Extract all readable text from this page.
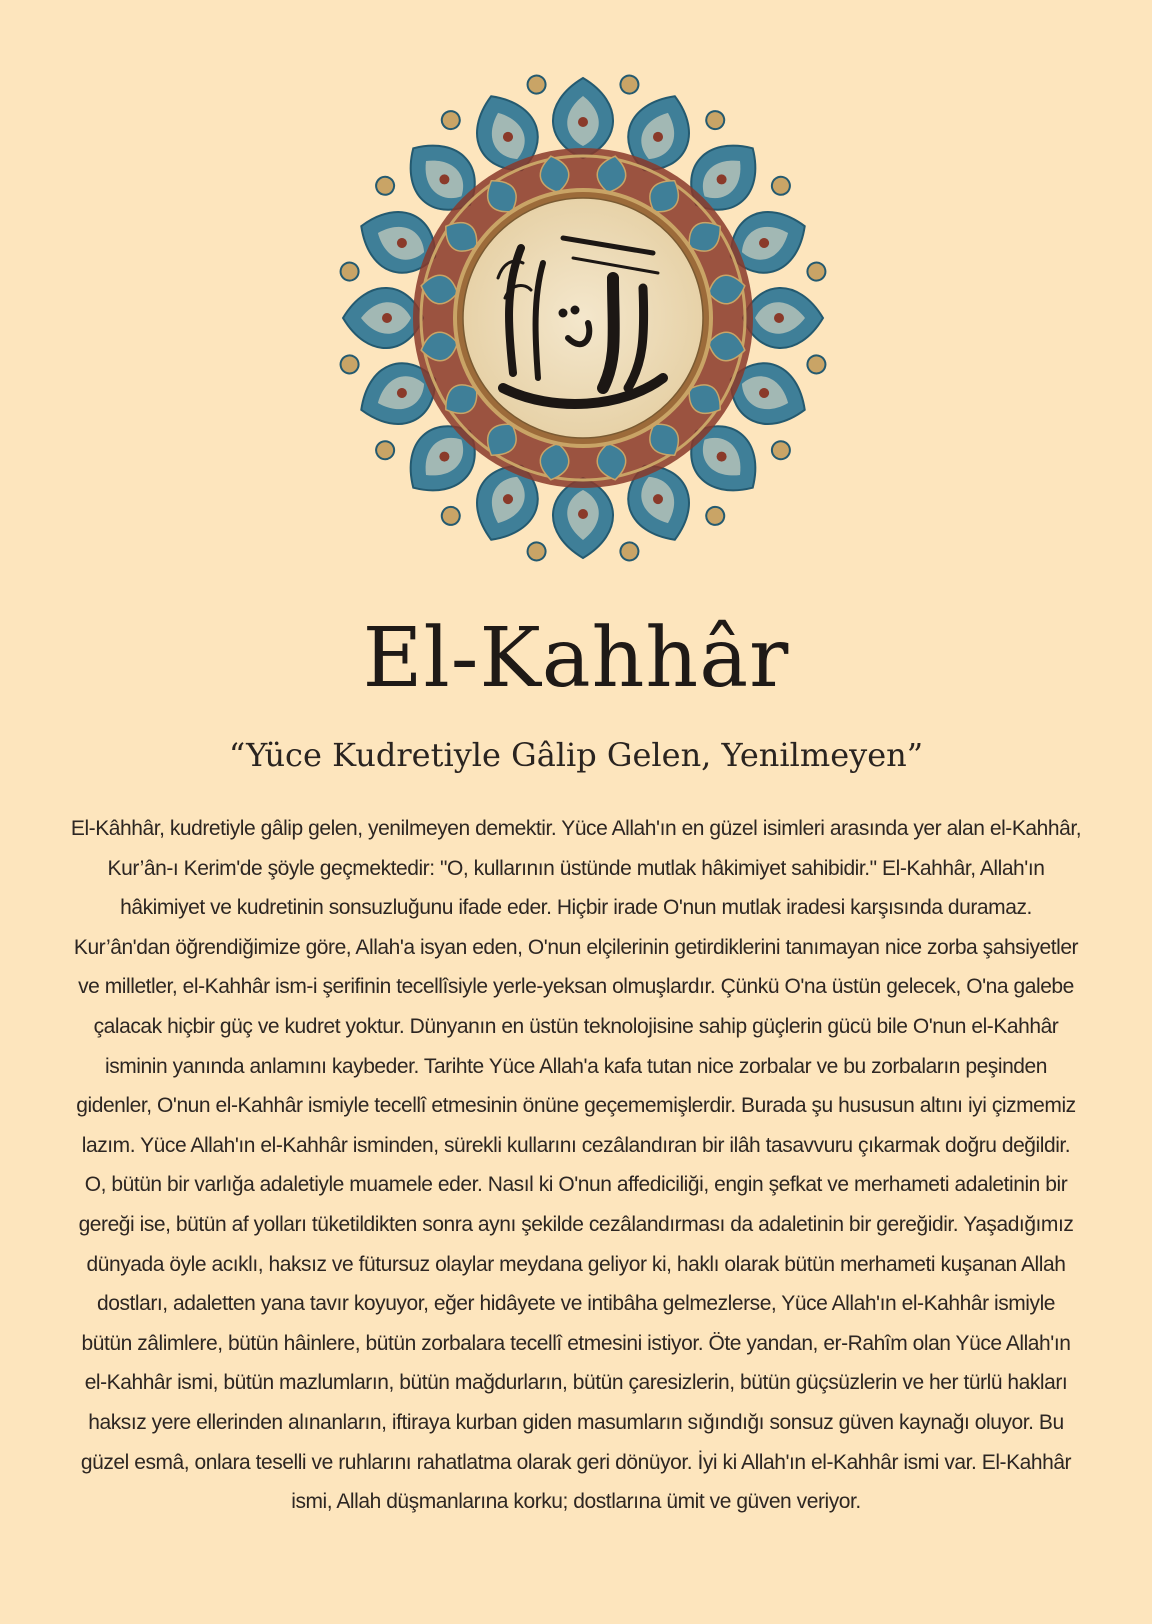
El-Kahhâr
“Yüce Kudretiyle Gâlip Gelen, Yenilmeyen”
El-Kâhhâr, kudretiyle gâlip gelen, yenilmeyen demektir. Yüce Allah'ın en güzel isimleri arasında yer alan el-Kahhâr, Kur’ân-ı Kerim'de şöyle geçmektedir: "O, kullarının üstünde mutlak hâkimiyet sahibidir." El-Kahhâr, Allah'ın hâkimiyet ve kudretinin sonsuzluğunu ifade eder. Hiçbir irade O'nun mutlak iradesi karşısında duramaz. Kur’ân'dan öğrendiğimize göre, Allah'a isyan eden, O'nun elçilerinin getirdiklerini tanımayan nice zorba şahsiyetler ve milletler, el-Kahhâr ism-i şerifinin tecellîsiyle yerle-yeksan olmuşlardır. Çünkü O'na üstün gelecek, O'na galebe çalacak hiçbir güç ve kudret yoktur. Dünyanın en üstün teknolojisine sahip güçlerin gücü bile O'nun el-Kahhâr isminin yanında anlamını kaybeder. Tarihte Yüce Allah'a kafa tutan nice zorbalar ve bu zorbaların peşinden gidenler, O'nun el-Kahhâr ismiyle tecellî etmesinin önüne geçememişlerdir. Burada şu hususun altını iyi çizmemiz lazım. Yüce Allah'ın el-Kahhâr isminden, sürekli kullarını cezâlandıran bir ilâh tasavvuru çıkarmak doğru değildir. O, bütün bir varlığa adaletiyle muamele eder. Nasıl ki O'nun affediciliği, engin şefkat ve merhameti adaletinin bir gereği ise, bütün af yolları tüketildikten sonra aynı şekilde cezâlandırması da adaletinin bir gereğidir. Yaşadığımız dünyada öyle acıklı, haksız ve fütursuz olaylar meydana geliyor ki, haklı olarak bütün merhameti kuşanan Allah dostları, adaletten yana tavır koyuyor, eğer hidâyete ve intibâha gelmezlerse, Yüce Allah'ın el-Kahhâr ismiyle bütün zâlimlere, bütün hâinlere, bütün zorbalara tecellî etmesini istiyor. Öte yandan, er-Rahîm olan Yüce Allah'ın el-Kahhâr ismi, bütün mazlumların, bütün mağdurların, bütün çaresizlerin, bütün güçsüzlerin ve her türlü hakları haksız yere ellerinden alınanların, iftiraya kurban giden masumların sığındığı sonsuz güven kaynağı oluyor. Bu güzel esmâ, onlara teselli ve ruhlarını rahatlatma olarak geri dönüyor. İyi ki Allah'ın el-Kahhâr ismi var. El-Kahhâr ismi, Allah düşmanlarına korku; dostlarına ümit ve güven veriyor.
